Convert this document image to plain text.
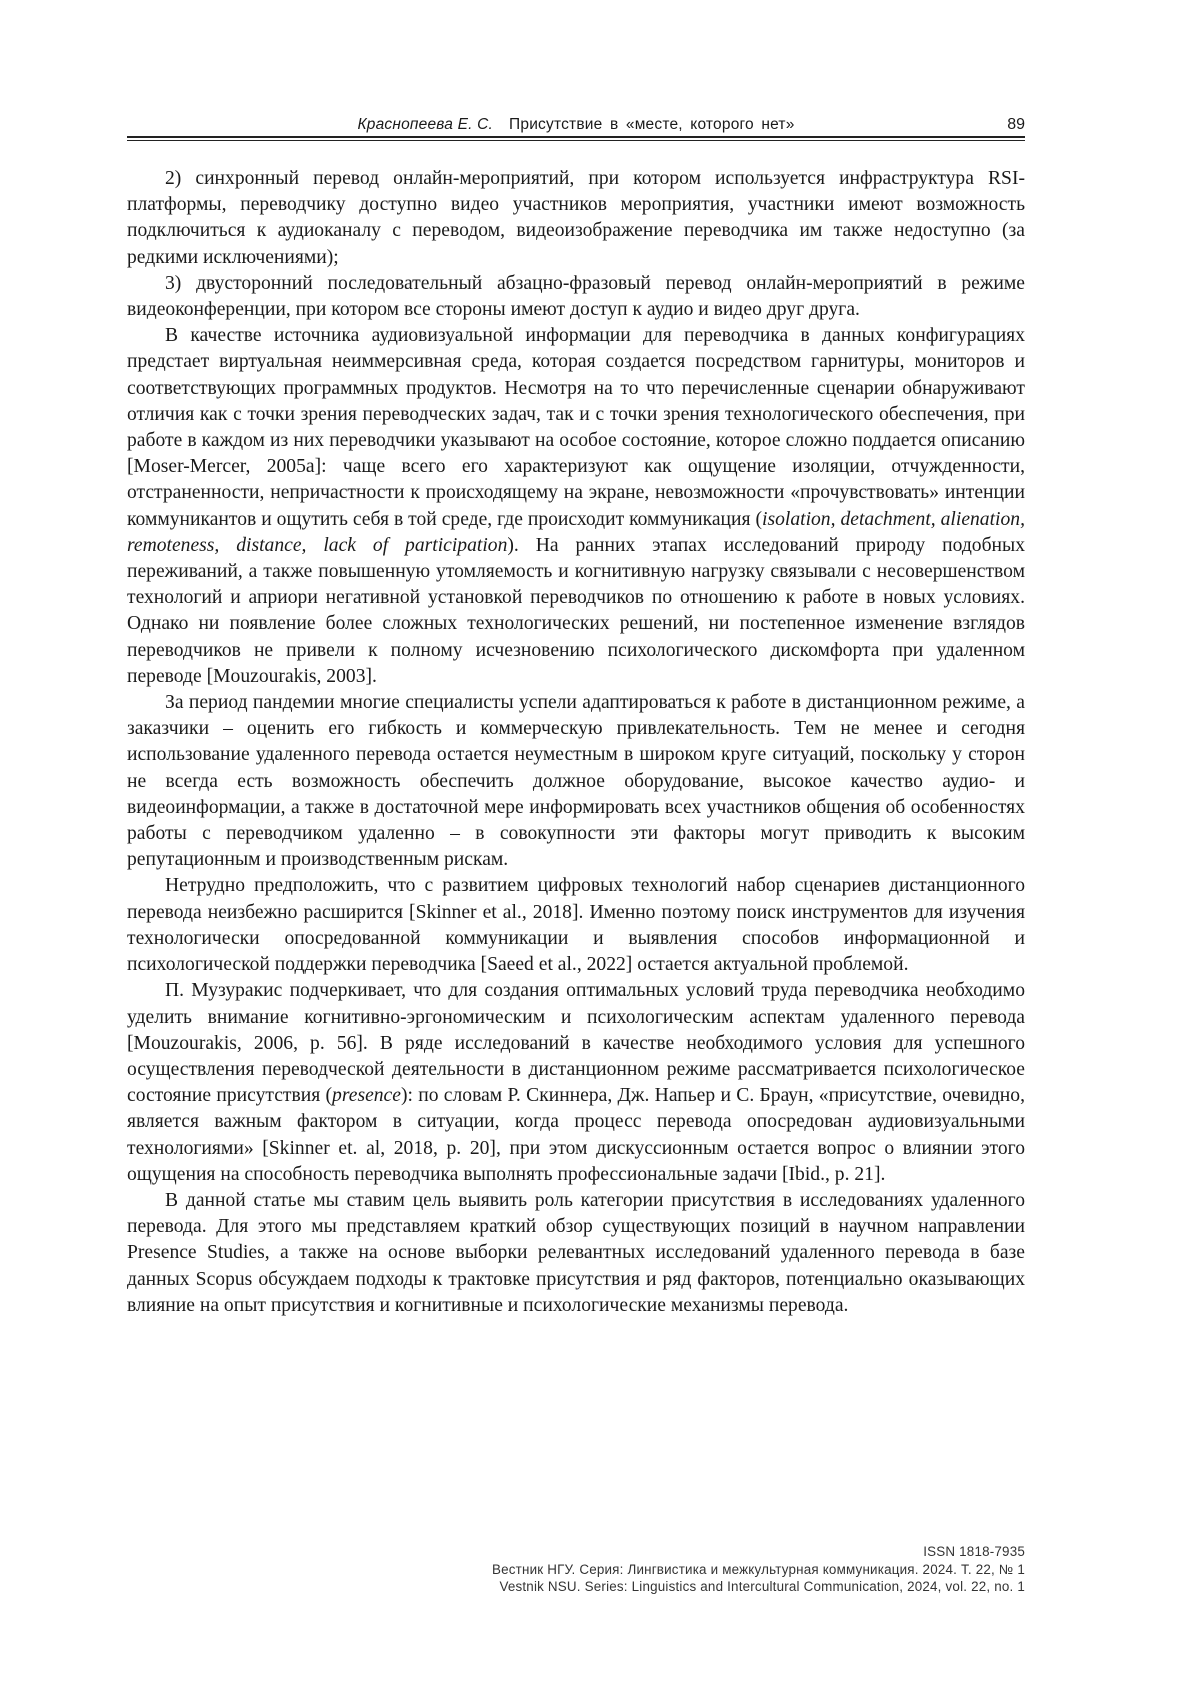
Краснопеева Е. С. Присутствие в «месте, которого нет»	89

2) синхронный перевод онлайн-мероприятий, при котором используется инфраструктура RSI-платформы, переводчику доступно видео участников мероприятия, участники имеют возможность подключиться к аудиоканалу с переводом, видеоизображение переводчика им также недоступно (за редкими исключениями);

3) двусторонний последовательный абзацно-фразовый перевод онлайн-мероприятий в режиме видеоконференции, при котором все стороны имеют доступ к аудио и видео друг друга.

В качестве источника аудиовизуальной информации для переводчика в данных конфигурациях предстает виртуальная неиммерсивная среда, которая создается посредством гарнитуры, мониторов и соответствующих программных продуктов. Несмотря на то что перечисленные сценарии обнаруживают отличия как с точки зрения переводческих задач, так и с точки зрения технологического обеспечения, при работе в каждом из них переводчики указывают на особое состояние, которое сложно поддается описанию [Moser-Mercer, 2005a]: чаще всего его характеризуют как ощущение изоляции, отчужденности, отстраненности, непричастности к происходящему на экране, невозможности «прочувствовать» интенции коммуникантов и ощутить себя в той среде, где происходит коммуникация (isolation, detachment, alienation, remoteness, distance, lack of participation). На ранних этапах исследований природу подобных переживаний, а также повышенную утомляемость и когнитивную нагрузку связывали с несовершенством технологий и априори негативной установкой переводчиков по отношению к работе в новых условиях. Однако ни появление более сложных технологических решений, ни постепенное изменение взглядов переводчиков не привели к полному исчезновению психологического дискомфорта при удаленном переводе [Mouzourakis, 2003].

За период пандемии многие специалисты успели адаптироваться к работе в дистанционном режиме, а заказчики – оценить его гибкость и коммерческую привлекательность. Тем не менее и сегодня использование удаленного перевода остается неуместным в широком круге ситуаций, поскольку у сторон не всегда есть возможность обеспечить должное оборудование, высокое качество аудио- и видеоинформации, а также в достаточной мере информировать всех участников общения об особенностях работы с переводчиком удаленно – в совокупности эти факторы могут приводить к высоким репутационным и производственным рискам.

Нетрудно предположить, что с развитием цифровых технологий набор сценариев дистанционного перевода неизбежно расширится [Skinner et al., 2018]. Именно поэтому поиск инструментов для изучения технологически опосредованной коммуникации и выявления способов информационной и психологической поддержки переводчика [Saeed et al., 2022] остается актуальной проблемой.

П. Музуракис подчеркивает, что для создания оптимальных условий труда переводчика необходимо уделить внимание когнитивно-эргономическим и психологическим аспектам удаленного перевода [Mouzourakis, 2006, p. 56]. В ряде исследований в качестве необходимого условия для успешного осуществления переводческой деятельности в дистанционном режиме рассматривается психологическое состояние присутствия (presence): по словам Р. Скиннера, Дж. Напьер и С. Браун, «присутствие, очевидно, является важным фактором в ситуации, когда процесс перевода опосредован аудиовизуальными технологиями» [Skinner et. al, 2018, p. 20], при этом дискуссионным остается вопрос о влиянии этого ощущения на способность переводчика выполнять профессиональные задачи [Ibid., p. 21].

В данной статье мы ставим цель выявить роль категории присутствия в исследованиях удаленного перевода. Для этого мы представляем краткий обзор существующих позиций в научном направлении Presence Studies, а также на основе выборки релевантных исследований удаленного перевода в базе данных Scopus обсуждаем подходы к трактовке присутствия и ряд факторов, потенциально оказывающих влияние на опыт присутствия и когнитивные и психологические механизмы перевода.

ISSN 1818-7935
Вестник НГУ. Серия: Лингвистика и межкультурная коммуникация. 2024. Т. 22, № 1
Vestnik NSU. Series: Linguistics and Intercultural Communication, 2024, vol. 22, no. 1
